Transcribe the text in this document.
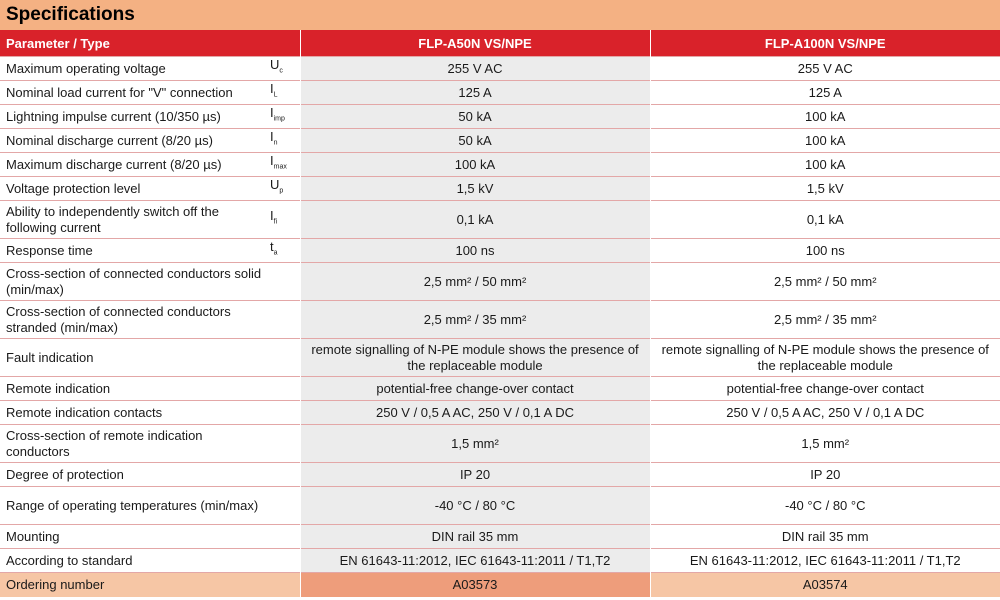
Specifications
Parameter / Type		FLP-A50N VS/NPE	FLP-A100N VS/NPE
Maximum operating voltage	$U_c$	255 V AC	255 V AC
Nominal load current for "V" connection	$I_L$	125 A	125 A
Lightning impulse current (10/350 µs)	$I_{imp}$	50 kA	100 kA
Nominal discharge current (8/20 µs)	$I_n$	50 kA	100 kA
Maximum discharge current (8/20 µs)	$I_{max}$	100 kA	100 kA
Voltage protection level	$U_p$	1,5 kV	1,5 kV
Ability to independently switch off the following current	$I_{fi}$	0,1 kA	0,1 kA
Response time	$t_a$	100 ns	100 ns
Cross-section of connected conductors solid (min/max)		2,5 mm² / 50 mm²	2,5 mm² / 50 mm²
Cross-section of connected conductors stranded (min/max)		2,5 mm² / 35 mm²	2,5 mm² / 35 mm²
Fault indication		remote signalling of N-PE module shows the presence of the replaceable module	remote signalling of N-PE module shows the presence of the replaceable module
Remote indication		potential-free change-over contact	potential-free change-over contact
Remote indication contacts		250 V / 0,5 A AC, 250 V / 0,1 A DC	250 V / 0,5 A AC, 250 V / 0,1 A DC
Cross-section of remote indication conductors		1,5 mm²	1,5 mm²
Degree of protection		IP 20	IP 20
Range of operating temperatures (min/max)		-40 °C / 80 °C	-40 °C / 80 °C
Mounting		DIN rail 35 mm	DIN rail 35 mm
According to standard		EN 61643-11:2012, IEC 61643-11:2011 / T1,T2	EN 61643-11:2012, IEC 61643-11:2011 / T1,T2
Ordering number		A03573	A03574
